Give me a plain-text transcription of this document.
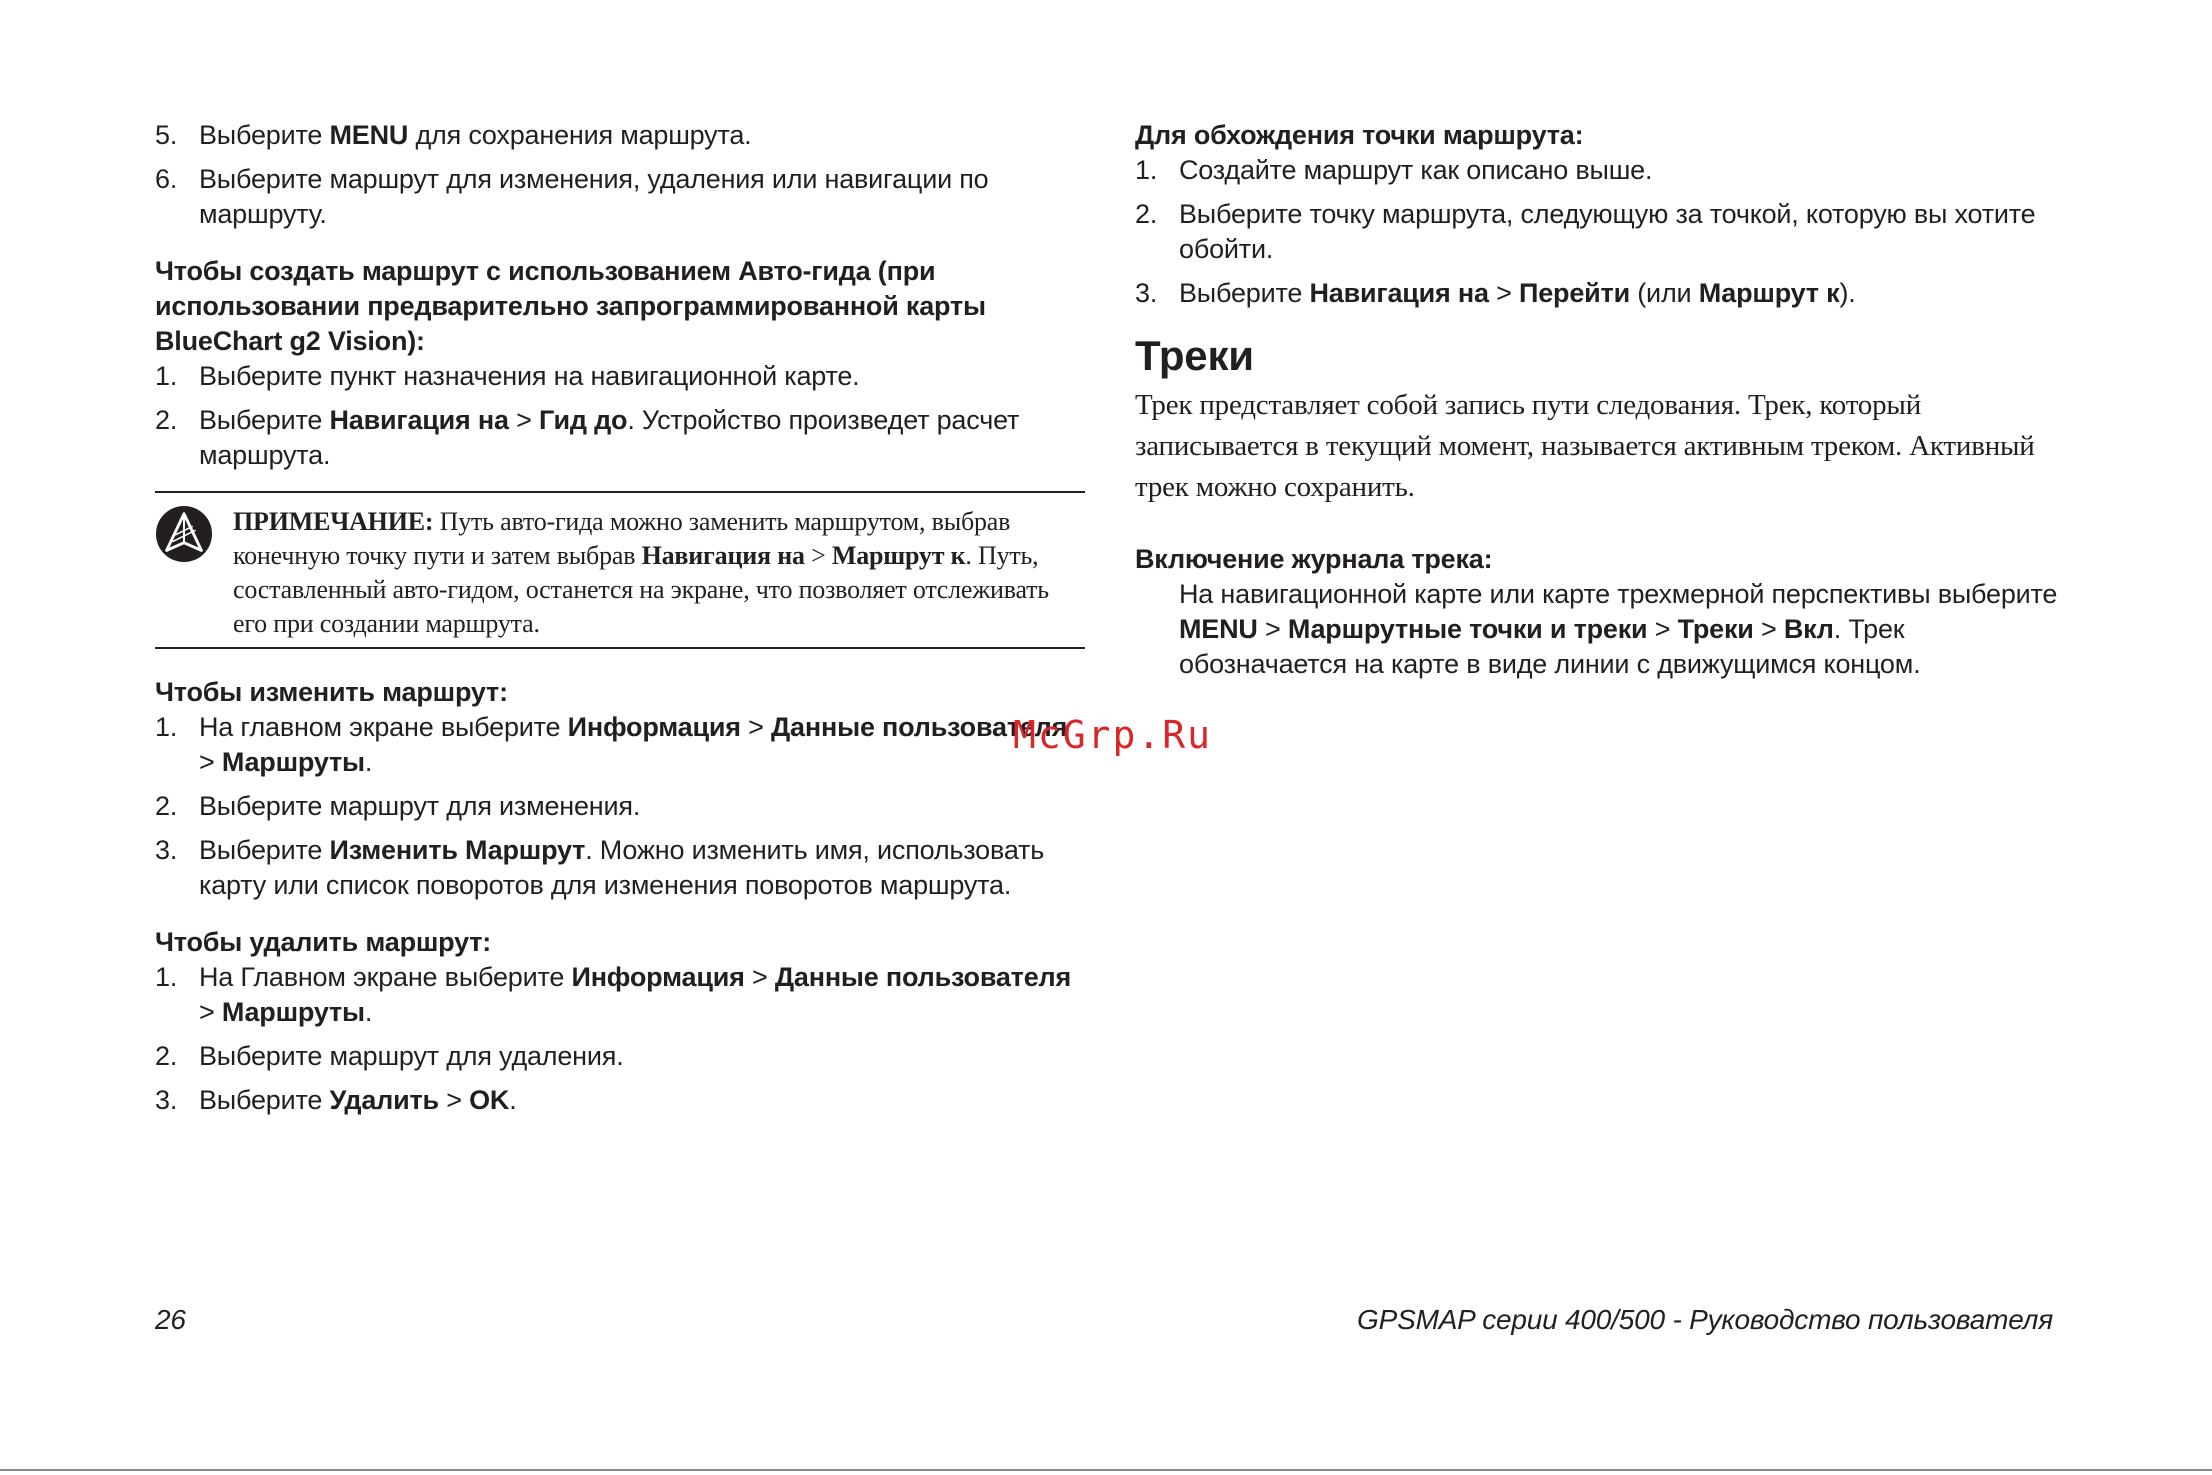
5. Выберите MENU для сохранения маршрута.
6. Выберите маршрут для изменения, удаления или навигации по маршруту.

Чтобы создать маршрут с использованием Авто-гида (при использовании предварительно запрограммированной карты BlueChart g2 Vision):

1. Выберите пункт назначения на навигационной карте.
2. Выберите Навигация на > Гид до. Устройство произведет расчет маршрута.
ПРИМЕЧАНИЕ: Путь авто-гида можно заменить маршрутом, выбрав конечную точку пути и затем выбрав Навигация на > Маршрут к. Путь, составленный авто-гидом, останется на экране, что позволяет отслеживать его при создании маршрута.

Чтобы изменить маршрут:

1. На главном экране выберите Информация > Данные пользователя > Маршруты.
2. Выберите маршрут для изменения.
3. Выберите Изменить Маршрут. Можно изменить имя, использовать карту или список поворотов для изменения поворотов маршрута.

Чтобы удалить маршрут:

1. На Главном экране выберите Информация > Данные пользователя > Маршруты.
2. Выберите маршрут для удаления.
3. Выберите Удалить > OK.

Для обхождения точки маршрута:

1. Создайте маршрут как описано выше.
2. Выберите точку маршрута, следующую за точкой, которую вы хотите обойти.
3. Выберите Навигация на > Перейти (или Маршрут к).
Треки

Трек представляет собой запись пути следования. Трек, который записывается в текущий момент, называется активным треком. Активный трек можно сохранить.

Включение журнала трека:

На навигационной карте или карте трехмерной перспективы выберите MENU > Маршрутные точки и треки > Треки > Вкл. Трек обозначается на карте в виде линии с движущимся концом.
McGrp.Ru
26	GPSMAP серии 400/500 - Руководство пользователя
